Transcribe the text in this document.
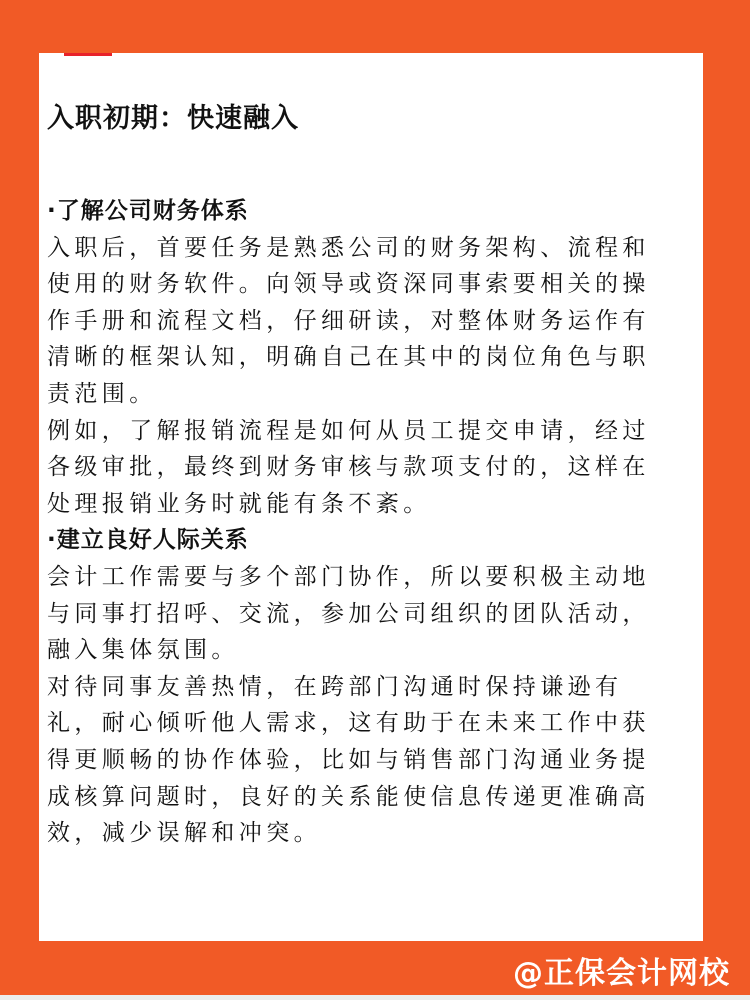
入职初期：快速融入
·了解公司财务体系
入职后，首要任务是熟悉公司的财务架构、流程和
使用的财务软件。向领导或资深同事索要相关的操
作手册和流程文档，仔细研读，对整体财务运作有
清晰的框架认知，明确自己在其中的岗位角色与职
责范围。
例如，了解报销流程是如何从员工提交申请，经过
各级审批，最终到财务审核与款项支付的，这样在
处理报销业务时就能有条不紊。
·建立良好人际关系
会计工作需要与多个部门协作，所以要积极主动地
与同事打招呼、交流，参加公司组织的团队活动，
融入集体氛围。
对待同事友善热情，在跨部门沟通时保持谦逊有
礼，耐心倾听他人需求，这有助于在未来工作中获
得更顺畅的协作体验，比如与销售部门沟通业务提
成核算问题时，良好的关系能使信息传递更准确高
效，减少误解和冲突。
@正保会计网校
